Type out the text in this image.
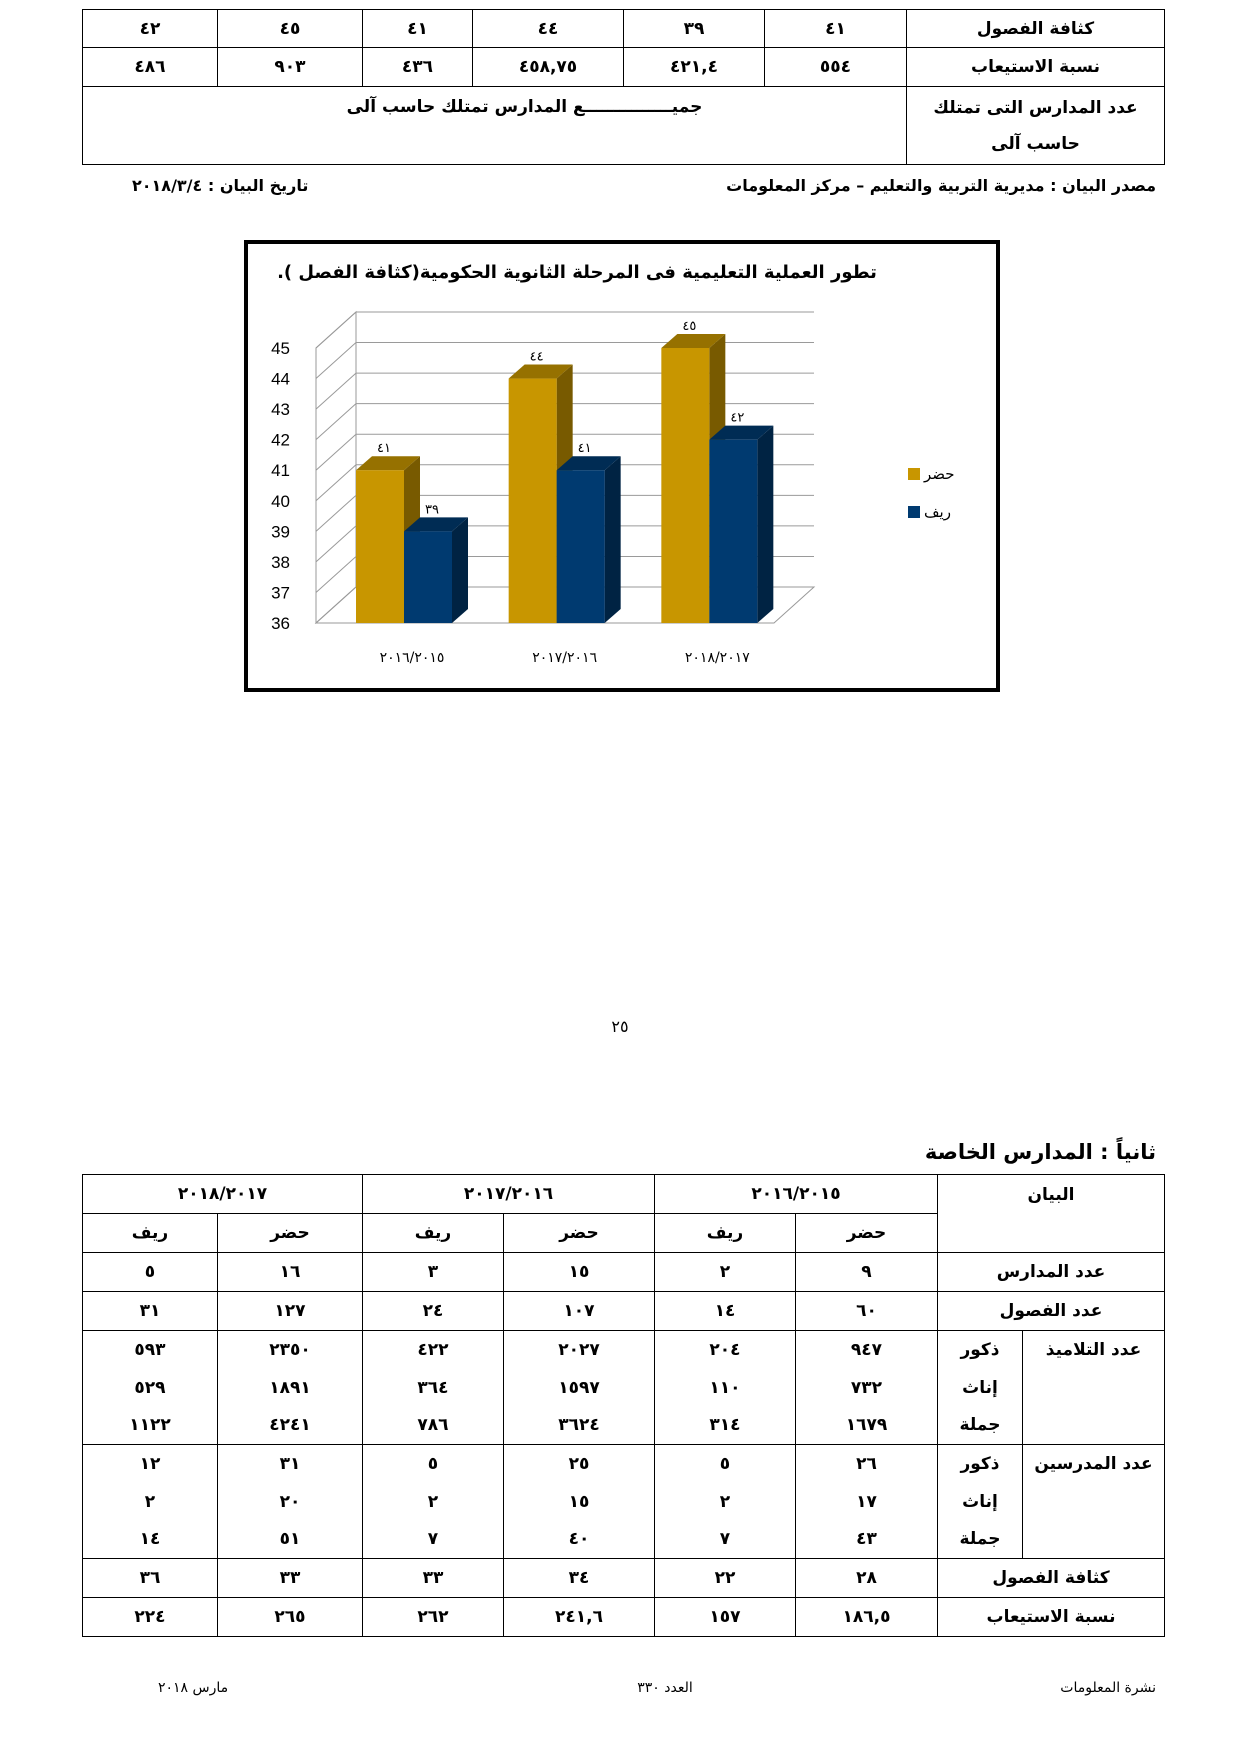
٤٢	٤٥	٤١	٤٤	٣٩	٤١	كثافة الفصول
٤٨٦	٩٠٣	٤٣٦	٤٥٨,٧٥	٤٢١,٤	٥٥٤	نسبة الاستيعاب
جميـــــــــــــــع المدارس تمتلك حاسب آلى						عدد المدارس التى تمتلك
حاسب آلى
مصدر البيان : مديرية التربية والتعليم – مركز المعلومات
تاريخ البيان : ٢٠١٨/٣/٤
تطور العملية التعليمية فى المرحلة الثانوية الحكومية(كثافة الفصل ).
36
37
38
39
40
41
42
43
44
45
٤١
٣٩
٢٠١٦/٢٠١٥
٤٤
٤١
٢٠١٧/٢٠١٦
٤٥
٤٢
٢٠١٨/٢٠١٧
حضر
ريف
٢٥
ثانياً : المدارس الخاصة
٢٠١٨/٢٠١٧		٢٠١٧/٢٠١٦		٢٠١٦/٢٠١٥		البيان	
ريف	حضر	ريف	حضر	ريف	حضر		
٥	١٦	٣	١٥	٢	٩	عدد المدارس	
٣١	١٢٧	٢٤	١٠٧	١٤	٦٠	عدد الفصول	
٥٩٣	٢٣٥٠	٤٢٢	٢٠٢٧	٢٠٤	٩٤٧	ذكور	عدد التلاميذ
٥٢٩	١٨٩١	٣٦٤	١٥٩٧	١١٠	٧٣٢	إناث	
١١٢٢	٤٢٤١	٧٨٦	٣٦٢٤	٣١٤	١٦٧٩	جملة	
١٢	٣١	٥	٢٥	٥	٢٦	ذكور	عدد المدرسين
٢	٢٠	٢	١٥	٢	١٧	إناث	
١٤	٥١	٧	٤٠	٧	٤٣	جملة	
٣٦	٣٣	٣٣	٣٤	٢٢	٢٨	كثافة الفصول	
٢٢٤	٢٦٥	٢٦٢	٢٤١,٦	١٥٧	١٨٦,٥	نسبة الاستيعاب	
نشرة المعلومات
العدد ٣٣٠
مارس ٢٠١٨
